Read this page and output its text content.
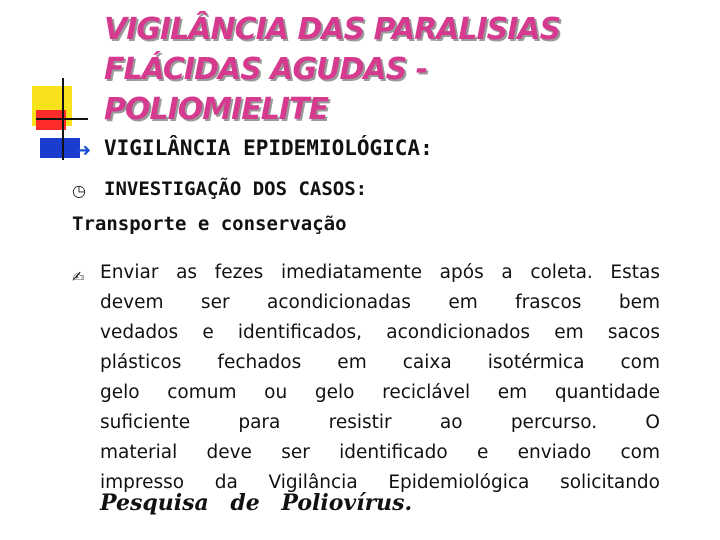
VIGILÂNCIA DAS PARALISIAS
FLÁCIDAS AGUDAS -
POLIOMIELITE
➜ VIGILÂNCIA EPIDEMIOLÓGICA:
◷ INVESTIGAÇÃO DOS CASOS:
Transporte e conservação
✍ Enviar as fezes imediatamente após a coleta. Estas
devem ser acondicionadas em frascos bem
vedados e identificados, acondicionados em sacos
plásticos fechados em caixa isotérmica com
gelo comum ou gelo reciclável em quantidade
suficiente para resistir ao percurso. O
material deve ser identificado e enviado com
impresso da Vigilância Epidemiológica solicitando
Pesquisa de Poliovírus.
